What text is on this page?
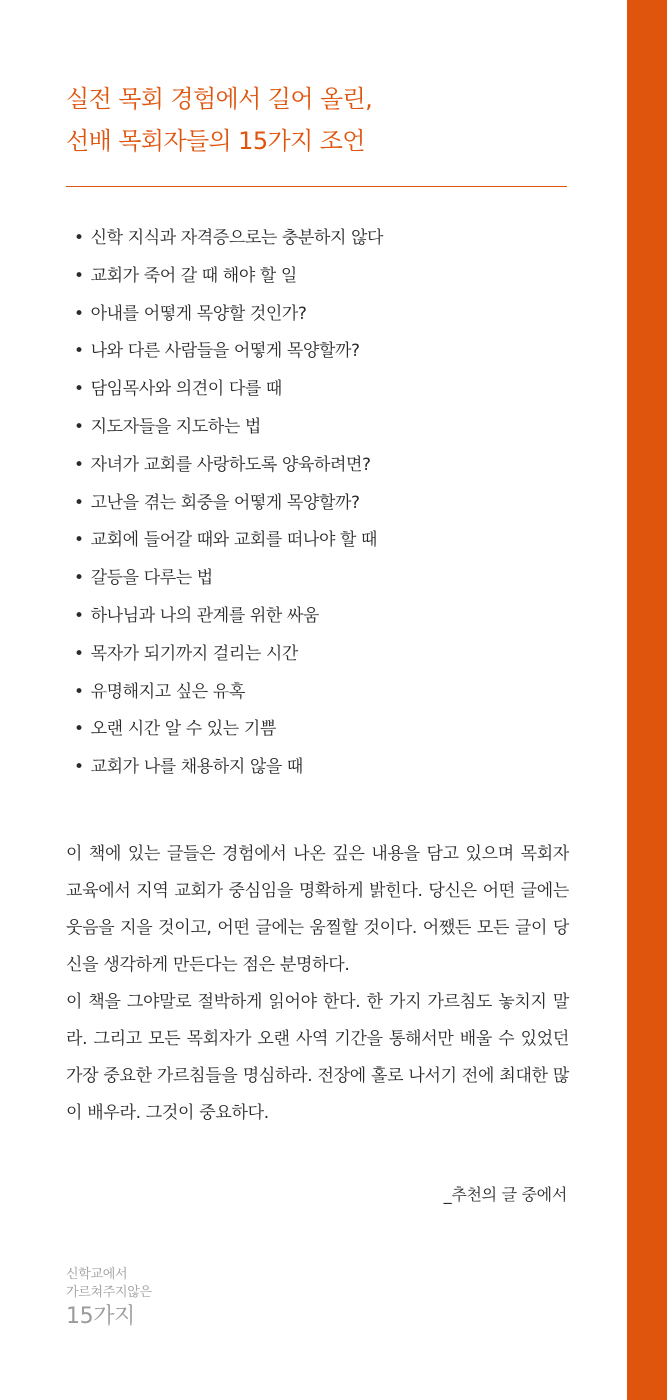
실전 목회 경험에서 길어 올린,
선배 목회자들의 15가지 조언
• 신학 지식과 자격증으로는 충분하지 않다
• 교회가 죽어 갈 때 해야 할 일
• 아내를 어떻게 목양할 것인가?
• 나와 다른 사람들을 어떻게 목양할까?
• 담임목사와 의견이 다를 때
• 지도자들을 지도하는 법
• 자녀가 교회를 사랑하도록 양육하려면?
• 고난을 겪는 회중을 어떻게 목양할까?
• 교회에 들어갈 때와 교회를 떠나야 할 때
• 갈등을 다루는 법
• 하나님과 나의 관계를 위한 싸움
• 목자가 되기까지 걸리는 시간
• 유명해지고 싶은 유혹
• 오랜 시간 알 수 있는 기쁨
• 교회가 나를 채용하지 않을 때

이 책에 있는 글들은 경험에서 나온 깊은 내용을 담고 있으며 목회자 교육에서 지역 교회가 중심임을 명확하게 밝힌다. 당신은 어떤 글에는 웃음을 지을 것이고, 어떤 글에는 움찔할 것이다. 어쨌든 모든 글이 당신을 생각하게 만든다는 점은 분명하다.

이 책을 그야말로 절박하게 읽어야 한다. 한 가지 가르침도 놓치지 말라. 그리고 모든 목회자가 오랜 사역 기간을 통해서만 배울 수 있었던 가장 중요한 가르침들을 명심하라. 전장에 홀로 나서기 전에 최대한 많이 배우라. 그것이 중요하다.

_추천의 글 중에서
신학교에서
가르쳐주지않은
15가지
